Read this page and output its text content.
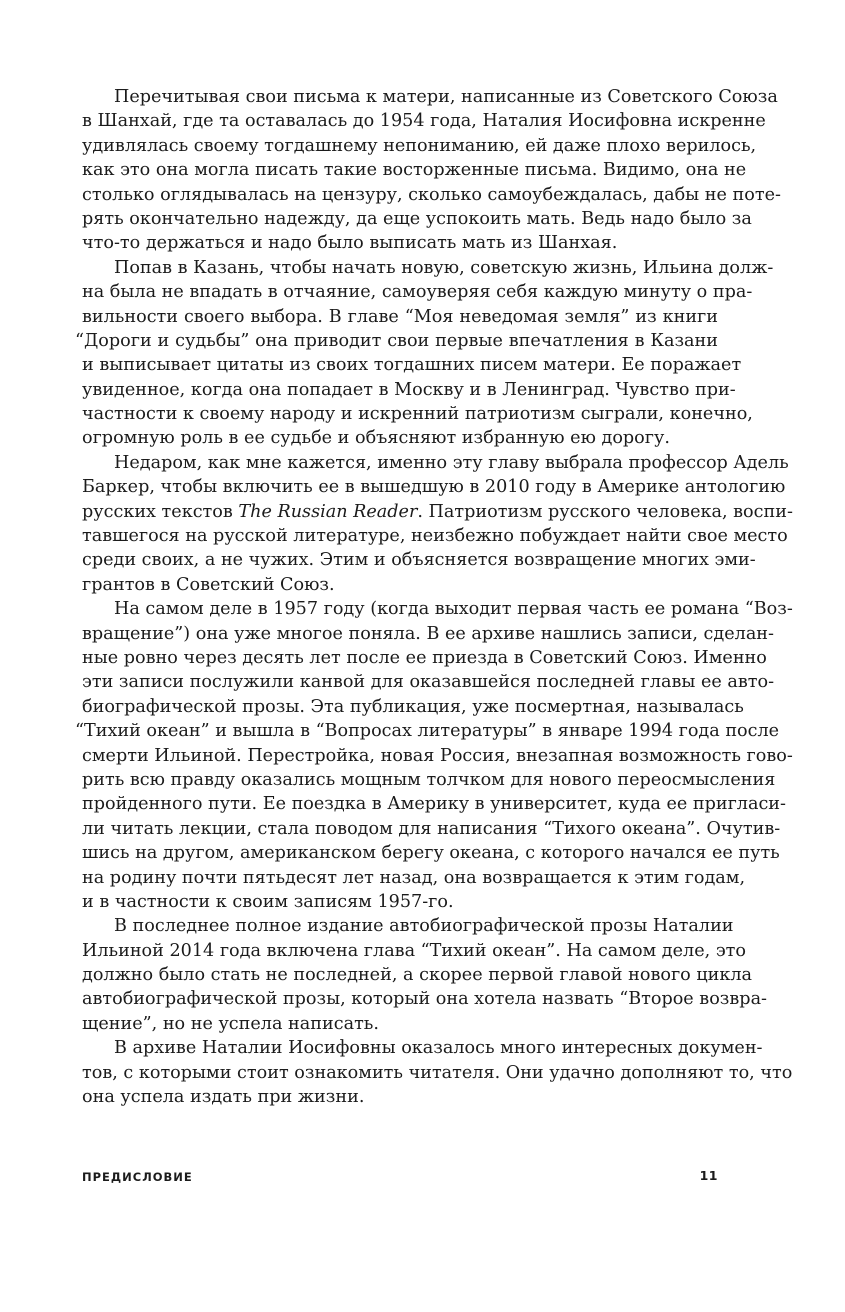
Перечитывая свои письма к матери, написанные из Советского Союза
в Шанхай, где та оставалась до 1954 года, Наталия Иосифовна искренне
удивлялась своему тогдашнему непониманию, ей даже плохо верилось,
как это она могла писать такие восторженные письма. Видимо, она не
столько оглядывалась на цензуру, сколько самоубеждалась, дабы не поте-
рять окончательно надежду, да еще успокоить мать. Ведь надо было за
что-то держаться и надо было выписать мать из Шанхая.
Попав в Казань, чтобы начать новую, советскую жизнь, Ильина долж-
на была не впадать в отчаяние, самоуверяя себя каждую минуту о пра-
вильности своего выбора. В главе “Моя неведомая земля” из книги
“Дороги и судьбы” она приводит свои первые впечатления в Казани
и выписывает цитаты из своих тогдашних писем матери. Ее поражает
увиденное, когда она попадает в Москву и в Ленинград. Чувство при-
частности к своему народу и искренний патриотизм сыграли, конечно,
огромную роль в ее судьбе и объясняют избранную ею дорогу.
Недаром, как мне кажется, именно эту главу выбрала профессор Адель
Баркер, чтобы включить ее в вышедшую в 2010 году в Америке антологию
русских текстов The Russian Reader. Патриотизм русского человека, воспи-
тавшегося на русской литературе, неизбежно побуждает найти свое место
среди своих, а не чужих. Этим и объясняется возвращение многих эми-
грантов в Советский Союз.
На самом деле в 1957 году (когда выходит первая часть ее романа “Воз-
вращение”) она уже многое поняла. В ее архиве нашлись записи, сделан-
ные ровно через десять лет после ее приезда в Советский Союз. Именно
эти записи послужили канвой для оказавшейся последней главы ее авто-
биографической прозы. Эта публикация, уже посмертная, называлась
“Тихий океан” и вышла в “Вопросах литературы” в январе 1994 года после
смерти Ильиной. Перестройка, новая Россия, внезапная возможность гово-
рить всю правду оказались мощным толчком для нового переосмысления
пройденного пути. Ее поездка в Америку в университет, куда ее пригласи-
ли читать лекции, стала поводом для написания “Тихого океана”. Очутив-
шись на другом, американском берегу океана, с которого начался ее путь
на родину почти пятьдесят лет назад, она возвращается к этим годам,
и в частности к своим записям 1957-го.
В последнее полное издание автобиографической прозы Наталии
Ильиной 2014 года включена глава “Тихий океан”. На самом деле, это
должно было стать не последней, а скорее первой главой нового цикла
автобиографической прозы, который она хотела назвать “Второе возвра-
щение”, но не успела написать.
В архиве Наталии Иосифовны оказалось много интересных докумен-
тов, с которыми стоит ознакомить читателя. Они удачно дополняют то, что
она успела издать при жизни.
ПРЕДИСЛОВИЕ	11
